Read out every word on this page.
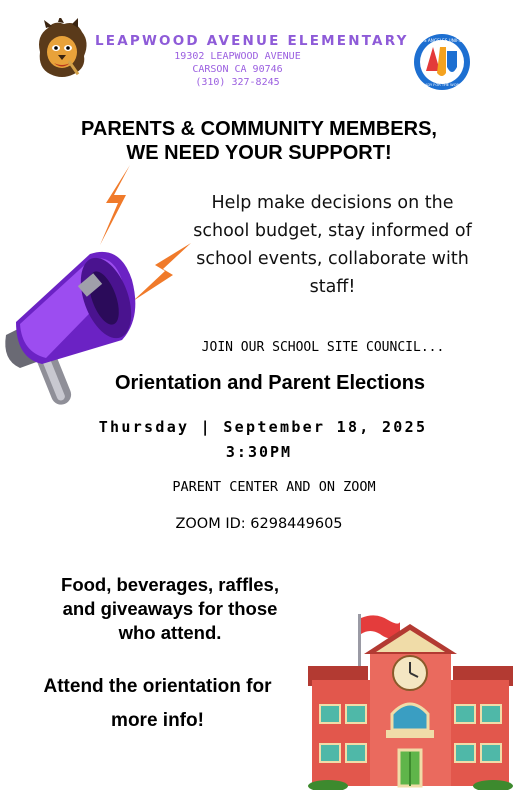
LEAPWOOD AVENUE ELEMENTARY
19302 LEAPWOOD AVENUE
CARSON CA 90746
(310) 327-8245
LOS ANGELES UNIFIED
READY FOR THE WORLD
PARENTS & COMMUNITY MEMBERS,
WE NEED YOUR SUPPORT!
Help make decisions on the
school budget, stay informed of
school events, collaborate with
staff!
JOIN OUR SCHOOL SITE COUNCIL...
Orientation and Parent Elections
Thursday | September 18, 2025
3:30PM
PARENT CENTER AND ON ZOOM
ZOOM ID: 6298449605
Food, beverages, raffles,
and giveaways for those
who attend.
Attend the orientation for
more info!
